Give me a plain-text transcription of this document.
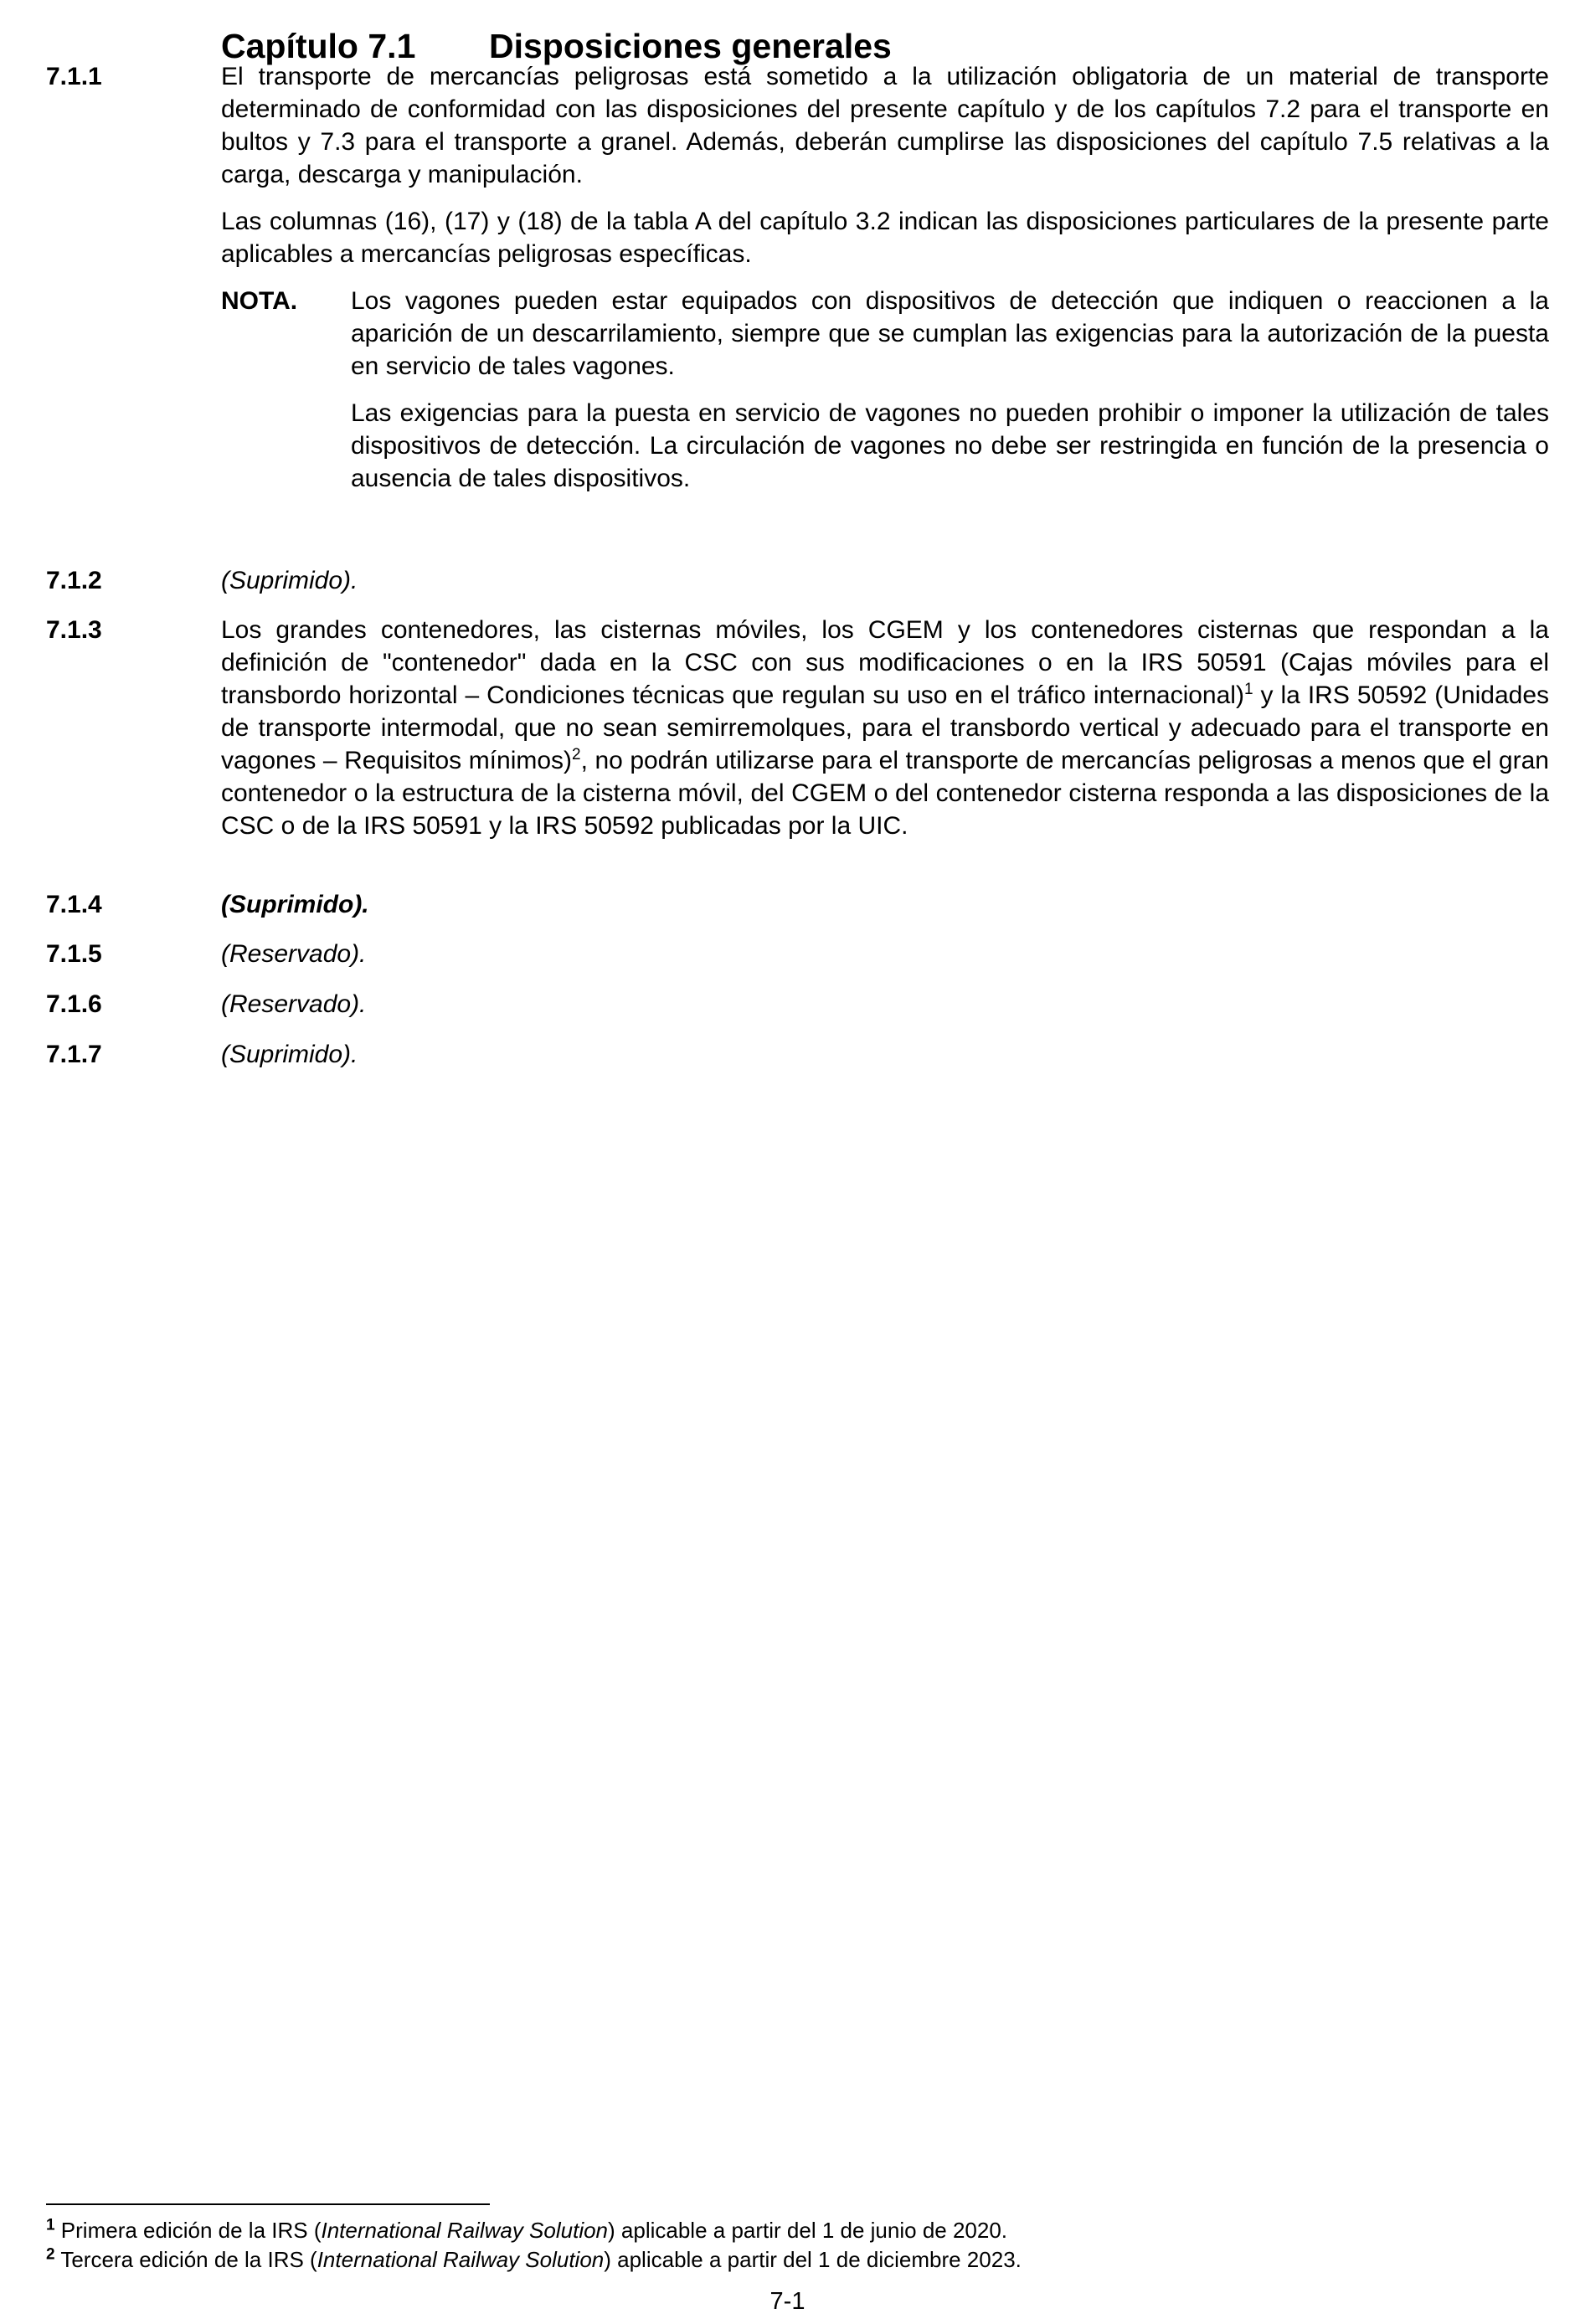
Capítulo 7.1 Disposiciones generales
7.1.1	El transporte de mercancías peligrosas está sometido a la utilización obligatoria de un material de transporte determinado de conformidad con las disposiciones del presente capítulo y de los capítulos 7.2 para el transporte en bultos y 7.3 para el transporte a granel. Además, deberán cumplirse las disposiciones del capítulo 7.5 relativas a la carga, descarga y manipulación.

Las columnas (16), (17) y (18) de la tabla A del capítulo 3.2 indican las disposiciones particulares de la presente parte aplicables a mercancías peligrosas específicas.

NOTA. Los vagones pueden estar equipados con dispositivos de detección que indiquen o reaccionen a la aparición de un descarrilamiento, siempre que se cumplan las exigencias para la autorización de la puesta en servicio de tales vagones.

Las exigencias para la puesta en servicio de vagones no pueden prohibir o imponer la utilización de tales dispositivos de detección. La circulación de vagones no debe ser restringida en función de la presencia o ausencia de tales dispositivos.

7.1.2	(Suprimido).
7.1.3	Los grandes contenedores, las cisternas móviles, los CGEM y los contenedores cisternas que respondan a la definición de "contenedor" dada en la CSC con sus modificaciones o en la IRS 50591 (Cajas móviles para el transbordo horizontal – Condiciones técnicas que regulan su uso en el tráfico internacional)$^1$ y la IRS 50592 (Unidades de transporte intermodal, que no sean semirremolques, para el transbordo vertical y adecuado para el transporte en vagones – Requisitos mínimos)$^2$, no podrán utilizarse para el transporte de mercancías peligrosas a menos que el gran contenedor o la estructura de la cisterna móvil, del CGEM o del contenedor cisterna responda a las disposiciones de la CSC o de la IRS 50591 y la IRS 50592 publicadas por la UIC.

7.1.4	(Suprimido).
7.1.5	(Reservado).
7.1.6	(Reservado).
7.1.7	(Suprimido).
$^1$ Primera edición de la IRS (International Railway Solution) aplicable a partir del 1 de junio de 2020.
$^2$ Tercera edición de la IRS (International Railway Solution) aplicable a partir del 1 de diciembre 2023.
7-1
